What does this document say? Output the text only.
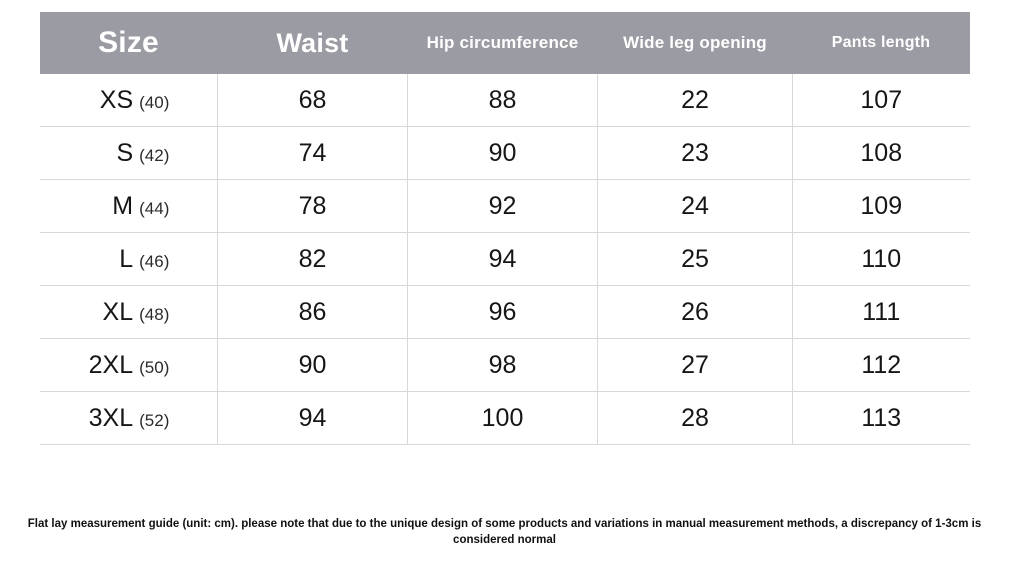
Size	Waist	Hip circumference	Wide leg opening	Pants length
XS (40)	68	88	22	107
S (42)	74	90	23	108
M (44)	78	92	24	109
L (46)	82	94	25	110
XL (48)	86	96	26	111
2XL (50)	90	98	27	112
3XL (52)	94	100	28	113
Flat lay measurement guide (unit: cm). please note that due to the unique design of some products and variations in manual measurement methods, a discrepancy of 1-3cm is considered normal
